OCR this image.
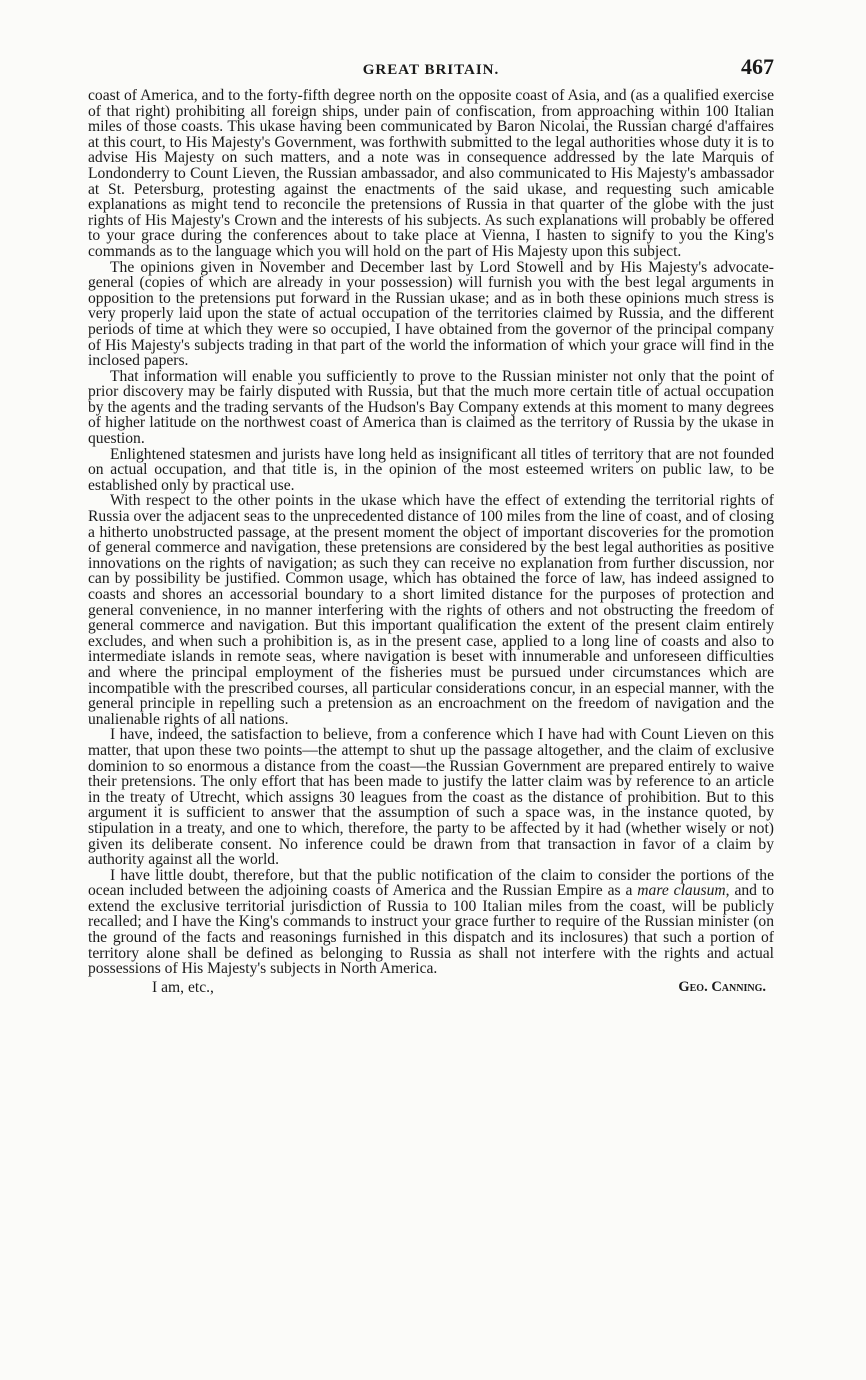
GREAT BRITAIN.	467

coast of America, and to the forty-fifth degree north on the opposite coast of Asia, and (as a qualified exercise of that right) prohibiting all foreign ships, under pain of confiscation, from approaching within 100 Italian miles of those coasts. This ukase having been communicated by Baron Nicolai, the Russian chargé d'affaires at this court, to His Majesty's Government, was forthwith submitted to the legal authorities whose duty it is to advise His Majesty on such matters, and a note was in consequence addressed by the late Marquis of Londonderry to Count Lieven, the Russian ambassador, and also communicated to His Majesty's ambassador at St. Petersburg, protesting against the enactments of the said ukase, and requesting such amicable explanations as might tend to reconcile the pretensions of Russia in that quarter of the globe with the just rights of His Majesty's Crown and the interests of his subjects. As such explanations will probably be offered to your grace during the conferences about to take place at Vienna, I hasten to signify to you the King's commands as to the language which you will hold on the part of His Majesty upon this subject.

The opinions given in November and December last by Lord Stowell and by His Majesty's advocate-general (copies of which are already in your possession) will furnish you with the best legal arguments in opposition to the pretensions put forward in the Russian ukase; and as in both these opinions much stress is very properly laid upon the state of actual occupation of the territories claimed by Russia, and the different periods of time at which they were so occupied, I have obtained from the governor of the principal company of His Majesty's subjects trading in that part of the world the information of which your grace will find in the inclosed papers.

That information will enable you sufficiently to prove to the Russian minister not only that the point of prior discovery may be fairly disputed with Russia, but that the much more certain title of actual occupation by the agents and the trading servants of the Hudson's Bay Company extends at this moment to many degrees of higher latitude on the northwest coast of America than is claimed as the territory of Russia by the ukase in question.

Enlightened statesmen and jurists have long held as insignificant all titles of territory that are not founded on actual occupation, and that title is, in the opinion of the most esteemed writers on public law, to be established only by practical use.

With respect to the other points in the ukase which have the effect of extending the territorial rights of Russia over the adjacent seas to the unprecedented distance of 100 miles from the line of coast, and of closing a hitherto unobstructed passage, at the present moment the object of important discoveries for the promotion of general commerce and navigation, these pretensions are considered by the best legal authorities as positive innovations on the rights of navigation; as such they can receive no explanation from further discussion, nor can by possibility be justified. Common usage, which has obtained the force of law, has indeed assigned to coasts and shores an accessorial boundary to a short limited distance for the purposes of protection and general convenience, in no manner interfering with the rights of others and not obstructing the freedom of general commerce and navigation. But this important qualification the extent of the present claim entirely excludes, and when such a prohibition is, as in the present case, applied to a long line of coasts and also to intermediate islands in remote seas, where navigation is beset with innumerable and unforeseen difficulties and where the principal employment of the fisheries must be pursued under circumstances which are incompatible with the prescribed courses, all particular considerations concur, in an especial manner, with the general principle in repelling such a pretension as an encroachment on the freedom of navigation and the unalienable rights of all nations.

I have, indeed, the satisfaction to believe, from a conference which I have had with Count Lieven on this matter, that upon these two points—the attempt to shut up the passage altogether, and the claim of exclusive dominion to so enormous a distance from the coast—the Russian Government are prepared entirely to waive their pretensions. The only effort that has been made to justify the latter claim was by reference to an article in the treaty of Utrecht, which assigns 30 leagues from the coast as the distance of prohibition. But to this argument it is sufficient to answer that the assumption of such a space was, in the instance quoted, by stipulation in a treaty, and one to which, therefore, the party to be affected by it had (whether wisely or not) given its deliberate consent. No inference could be drawn from that transaction in favor of a claim by authority against all the world.

I have little doubt, therefore, but that the public notification of the claim to consider the portions of the ocean included between the adjoining coasts of America and the Russian Empire as a mare clausum, and to extend the exclusive territorial jurisdiction of Russia to 100 Italian miles from the coast, will be publicly recalled; and I have the King's commands to instruct your grace further to require of the Russian minister (on the ground of the facts and reasonings furnished in this dispatch and its inclosures) that such a portion of territory alone shall be defined as belonging to Russia as shall not interfere with the rights and actual possessions of His Majesty's subjects in North America.

I am, etc.,	Geo. Canning.
